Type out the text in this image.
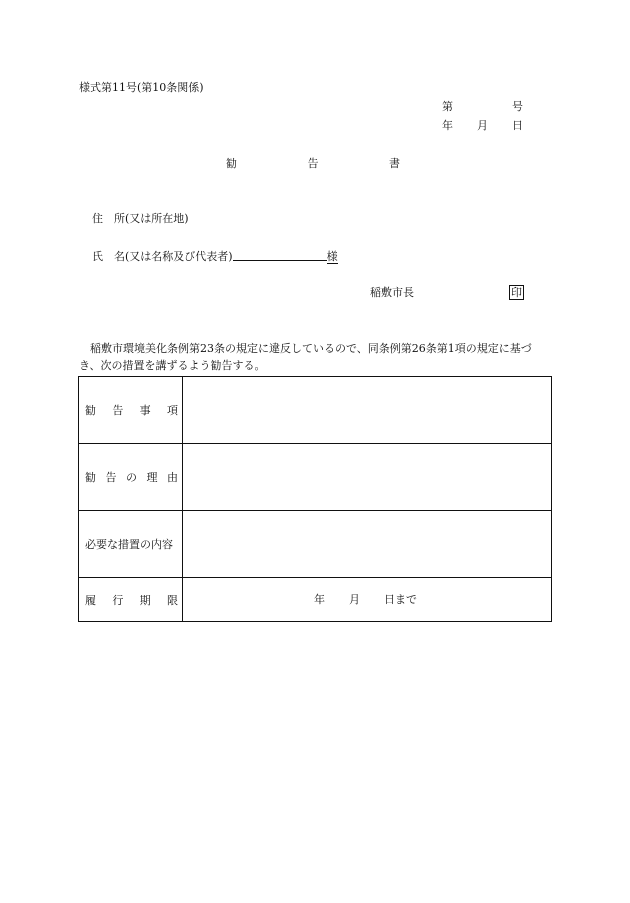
様式第11号(第10条関係)
第	号
年 月 日
勧	告	書
住 所(又は所在地)
氏 名(又は名称及び代表者)	様
稲敷市長	印
稲敷市環境美化条例第23条の規定に違反しているので、同条例第26条第1項の規定に基づ
き、次の措置を講ずるよう勧告する。
勧 告 事 項	

勧 告 の 理 由	

必要な措置の内容	

履 行 期 限	年 月 日まで
